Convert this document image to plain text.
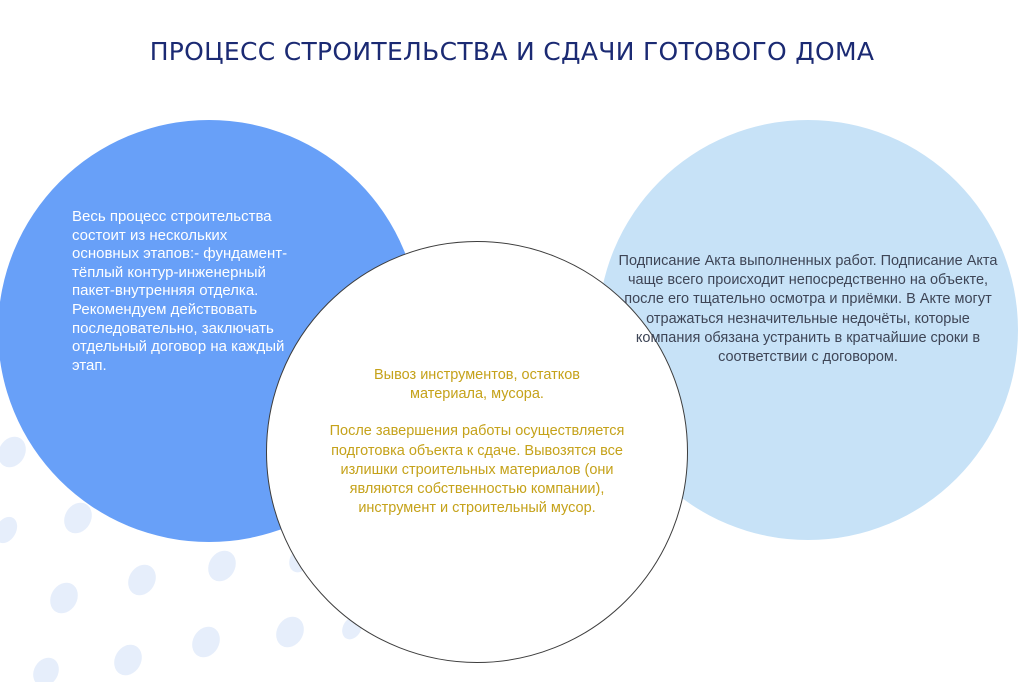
ПРОЦЕСС СТРОИТЕЛЬСТВА И СДАЧИ ГОТОВОГО ДОМА
Весь процесс строительства состоит из нескольких основных этапов:- фундамент-тёплый контур-инженерный пакет-внутренняя отделка. Рекомендуем действовать последовательно, заключать отдельный договор на каждый этап.
Вывоз инструментов, остатков материала, мусора.
После завершения работы осуществляется подготовка объекта к сдаче. Вывозятся все излишки строительных материалов (они являются собственностью компании), инструмент и строительный мусор.
Подписание Акта выполненных работ. Подписание Акта чаще всего происходит непосредственно на объекте, после его тщательно осмотра и приёмки. В Акте могут отражаться незначительные недочёты, которые компания обязана устранить в кратчайшие сроки в соответствии с договором.
